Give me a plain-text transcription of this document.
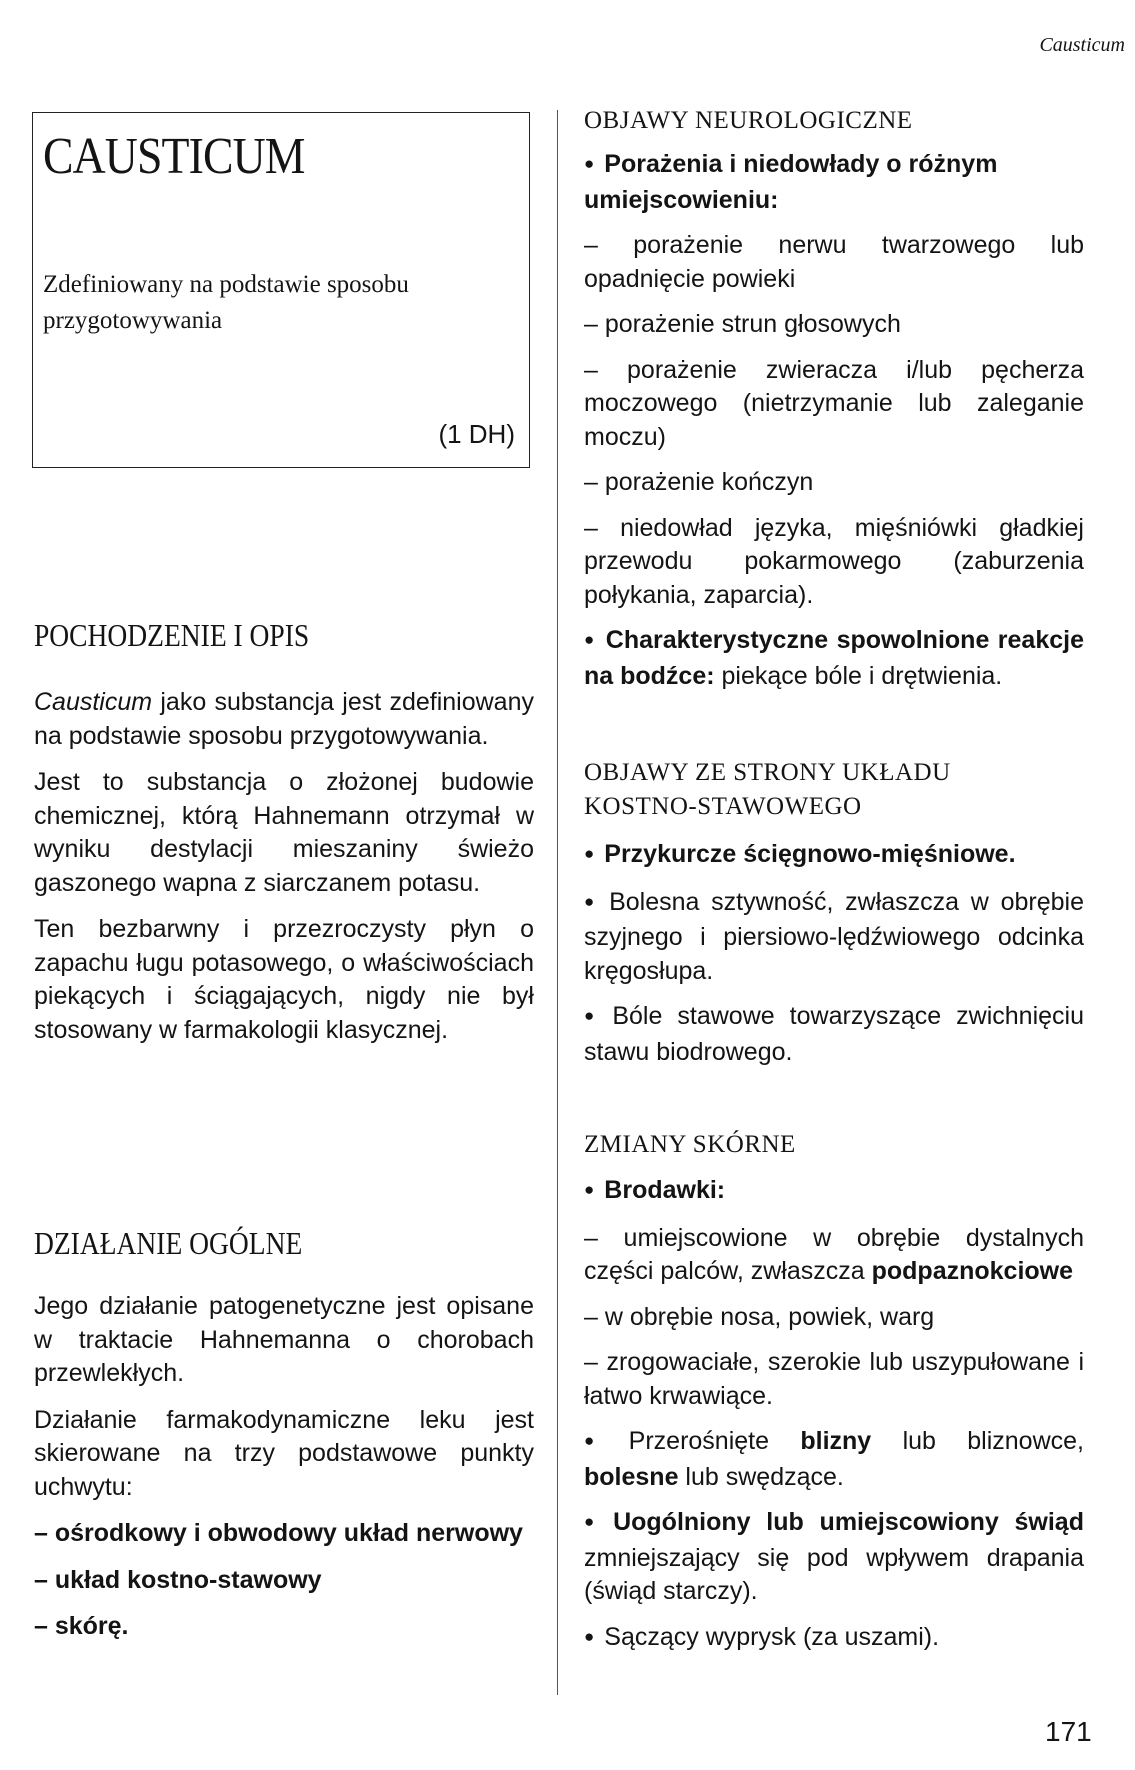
Causticum
CAUSTICUM
Zdefiniowany na podstawie sposobu
przygotowywania
(1 DH)
POCHODZENIE I OPIS

Causticum jako substancja jest zdefiniowany na podstawie sposobu przygotowywania.

Jest to substancja o złożonej budowie chemicznej, którą Hahnemann otrzymał w wyniku destylacji mieszaniny świeżo gaszonego wapna z siarczanem potasu.

Ten bezbarwny i przezroczysty płyn o zapachu ługu potasowego, o właściwościach piekących i ściągających, nigdy nie był stosowany w farmakologii klasycznej.

DZIAŁANIE OGÓLNE

Jego działanie patogenetyczne jest opisane w traktacie Hahnemanna o chorobach przewlekłych.

Działanie farmakodynamiczne leku jest skierowane na trzy podstawowe punkty uchwytu:

– ośrodkowy i obwodowy układ nerwowy

– układ kostno-stawowy

– skórę.

OBJAWY NEUROLOGICZNE

● Porażenia i niedowłady o różnym umiejscowieniu:

– porażenie nerwu twarzowego lub opadnięcie powieki

– porażenie strun głosowych

– porażenie zwieracza i/lub pęcherza moczowego (nietrzymanie lub zaleganie moczu)

– porażenie kończyn

– niedowład języka, mięśniówki gładkiej przewodu pokarmowego (zaburzenia połykania, zaparcia).

● Charakterystyczne spowolnione reakcje na bodźce: piekące bóle i drętwienia.

OBJAWY ZE STRONY UKŁADU
KOSTNO-STAWOWEGO

● Przykurcze ścięgnowo-mięśniowe.

● Bolesna sztywność, zwłaszcza w obrębie szyjnego i piersiowo-lędźwiowego odcinka kręgosłupa.

● Bóle stawowe towarzyszące zwichnięciu stawu biodrowego.

ZMIANY SKÓRNE

● Brodawki:

– umiejscowione w obrębie dystalnych części palców, zwłaszcza podpaznokciowe

– w obrębie nosa, powiek, warg

– zrogowaciałe, szerokie lub uszypułowane i łatwo krwawiące.

● Przerośnięte blizny lub bliznowce, bolesne lub swędzące.

● Uogólniony lub umiejscowiony świąd zmniejszający się pod wpływem drapania (świąd starczy).

● Sączący wyprysk (za uszami).

171
